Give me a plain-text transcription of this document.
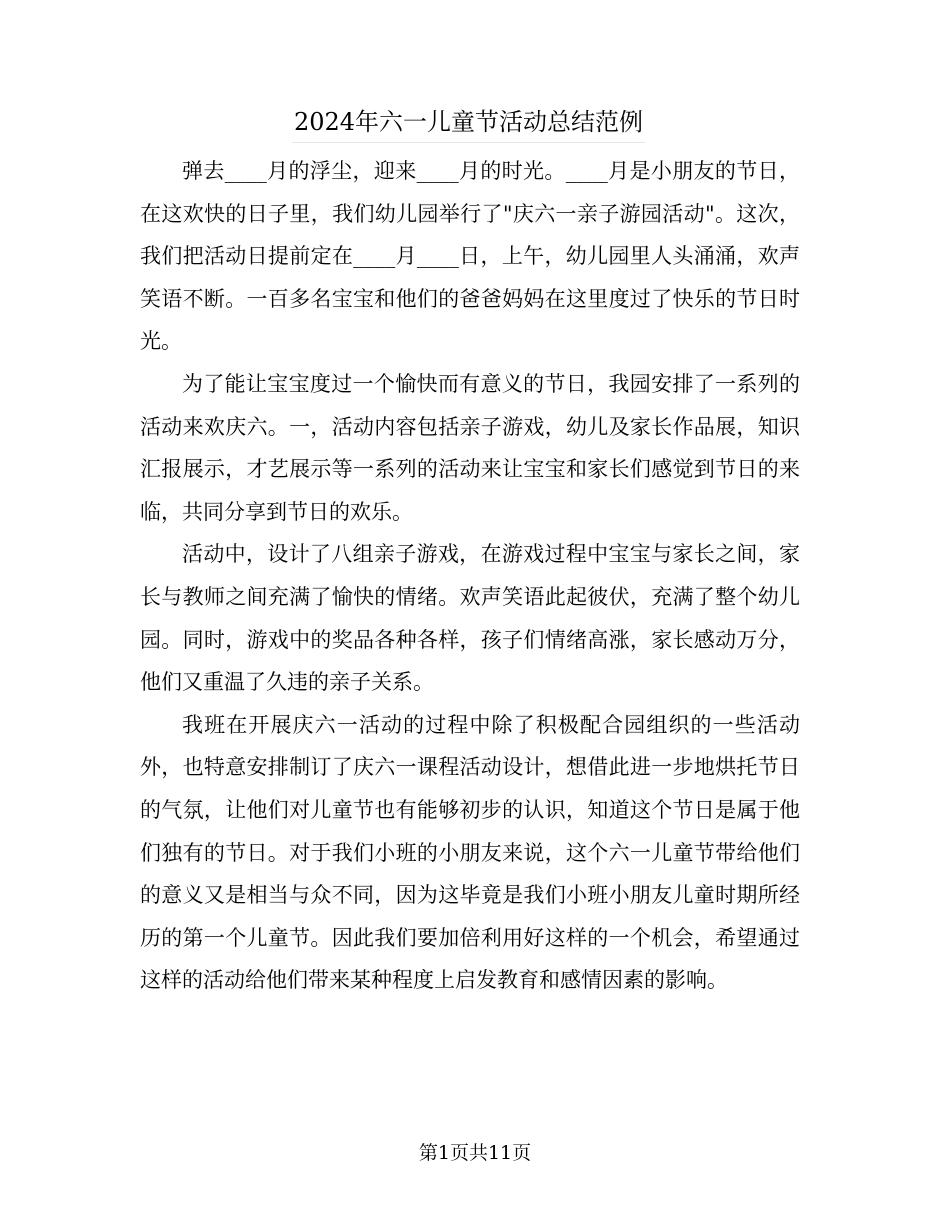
2024年六一儿童节活动总结范例

弹去____月的浮尘，迎来____月的时光。____月是小朋友的节日，在这欢快的日子里，我们幼儿园举行了"庆六一亲子游园活动"。这次，我们把活动日提前定在____月____日，上午，幼儿园里人头涌涌，欢声笑语不断。一百多名宝宝和他们的爸爸妈妈在这里度过了快乐的节日时光。

为了能让宝宝度过一个愉快而有意义的节日，我园安排了一系列的活动来欢庆六。一，活动内容包括亲子游戏，幼儿及家长作品展，知识汇报展示，才艺展示等一系列的活动来让宝宝和家长们感觉到节日的来临，共同分享到节日的欢乐。

活动中，设计了八组亲子游戏，在游戏过程中宝宝与家长之间，家长与教师之间充满了愉快的情绪。欢声笑语此起彼伏，充满了整个幼儿园。同时，游戏中的奖品各种各样，孩子们情绪高涨，家长感动万分，他们又重温了久违的亲子关系。

我班在开展庆六一活动的过程中除了积极配合园组织的一些活动外，也特意安排制订了庆六一课程活动设计，想借此进一步地烘托节日的气氛，让他们对儿童节也有能够初步的认识，知道这个节日是属于他们独有的节日。对于我们小班的小朋友来说，这个六一儿童节带给他们的意义又是相当与众不同，因为这毕竟是我们小班小朋友儿童时期所经历的第一个儿童节。因此我们要加倍利用好这样的一个机会，希望通过这样的活动给他们带来某种程度上启发教育和感情因素的影响。

第1页共11页
